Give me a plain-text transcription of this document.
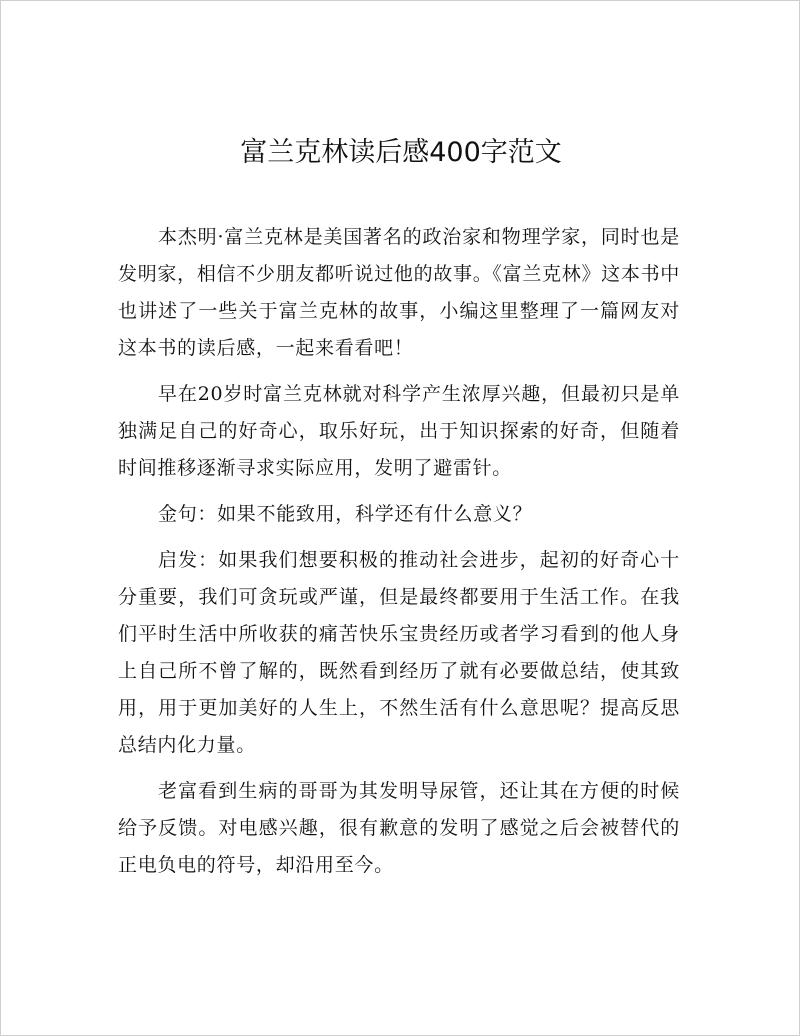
富兰克林读后感400字范文

本杰明·富兰克林是美国著名的政治家和物理学家，同时也是发明家，相信不少朋友都听说过他的故事。《富兰克林》这本书中也讲述了一些关于富兰克林的故事，小编这里整理了一篇网友对这本书的读后感，一起来看看吧！

早在20岁时富兰克林就对科学产生浓厚兴趣，但最初只是单独满足自己的好奇心，取乐好玩，出于知识探索的好奇，但随着时间推移逐渐寻求实际应用，发明了避雷针。

金句：如果不能致用，科学还有什么意义？

启发：如果我们想要积极的推动社会进步，起初的好奇心十分重要，我们可贪玩或严谨，但是最终都要用于生活工作。在我们平时生活中所收获的痛苦快乐宝贵经历或者学习看到的他人身上自己所不曾了解的，既然看到经历了就有必要做总结，使其致用，用于更加美好的人生上，不然生活有什么意思呢？提高反思总结内化力量。

老富看到生病的哥哥为其发明导尿管，还让其在方便的时候给予反馈。对电感兴趣，很有歉意的发明了感觉之后会被替代的正电负电的符号，却沿用至今。
